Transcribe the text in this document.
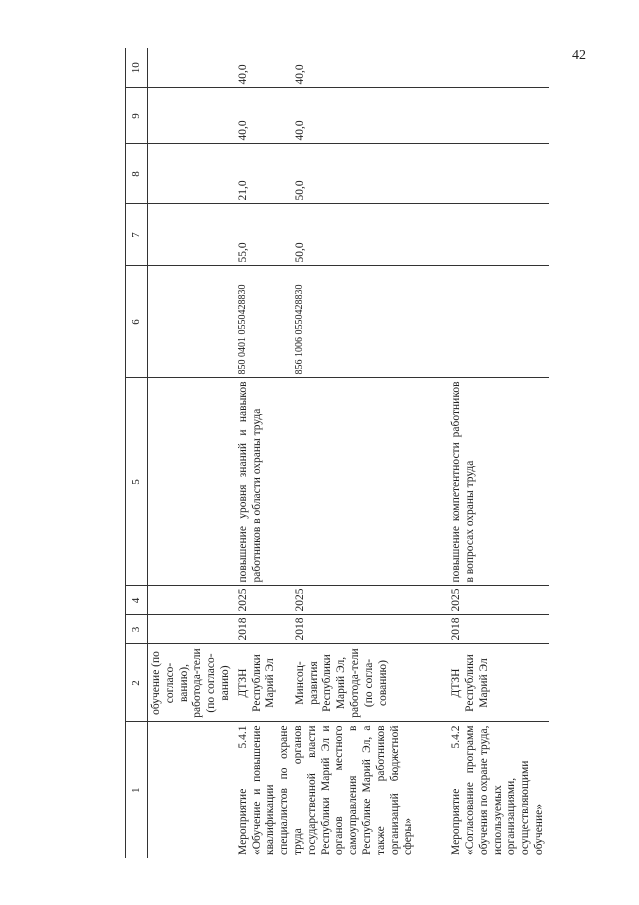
42
1	2	3	4	5	6	7	8	9	10
	обучение (по согласо-ванию), работода-тели (по согласо-ванию)								
Мероприятие 5.4.1 «Обучение и повышение квалификации специалистов по охране труда органов государственной власти Республики Марий Эл и органов местного самоуправления в Республике Марий Эл, а также работников организаций бюджетной сферы»	ДТЗН Республики Марий Эл	2018	2025	повышение уровня знаний и навыков работников в области охраны труда	850 0401 0550428830	55,0	21,0	40,0	40,0
	Минсоц-развития Республики Марий Эл, работода-тели (по согла-сованию)	2018	2025		856 1006 0550428830	50,0	50,0	40,0	40,0

Мероприятие 5.4.2 «Согласование программ обучения по охране труда, используемых организациями, осуществляющими обучение»	ДТЗН Республики Марий Эл	2018	2025	повышение компетентности работников в вопросах охраны труда					
